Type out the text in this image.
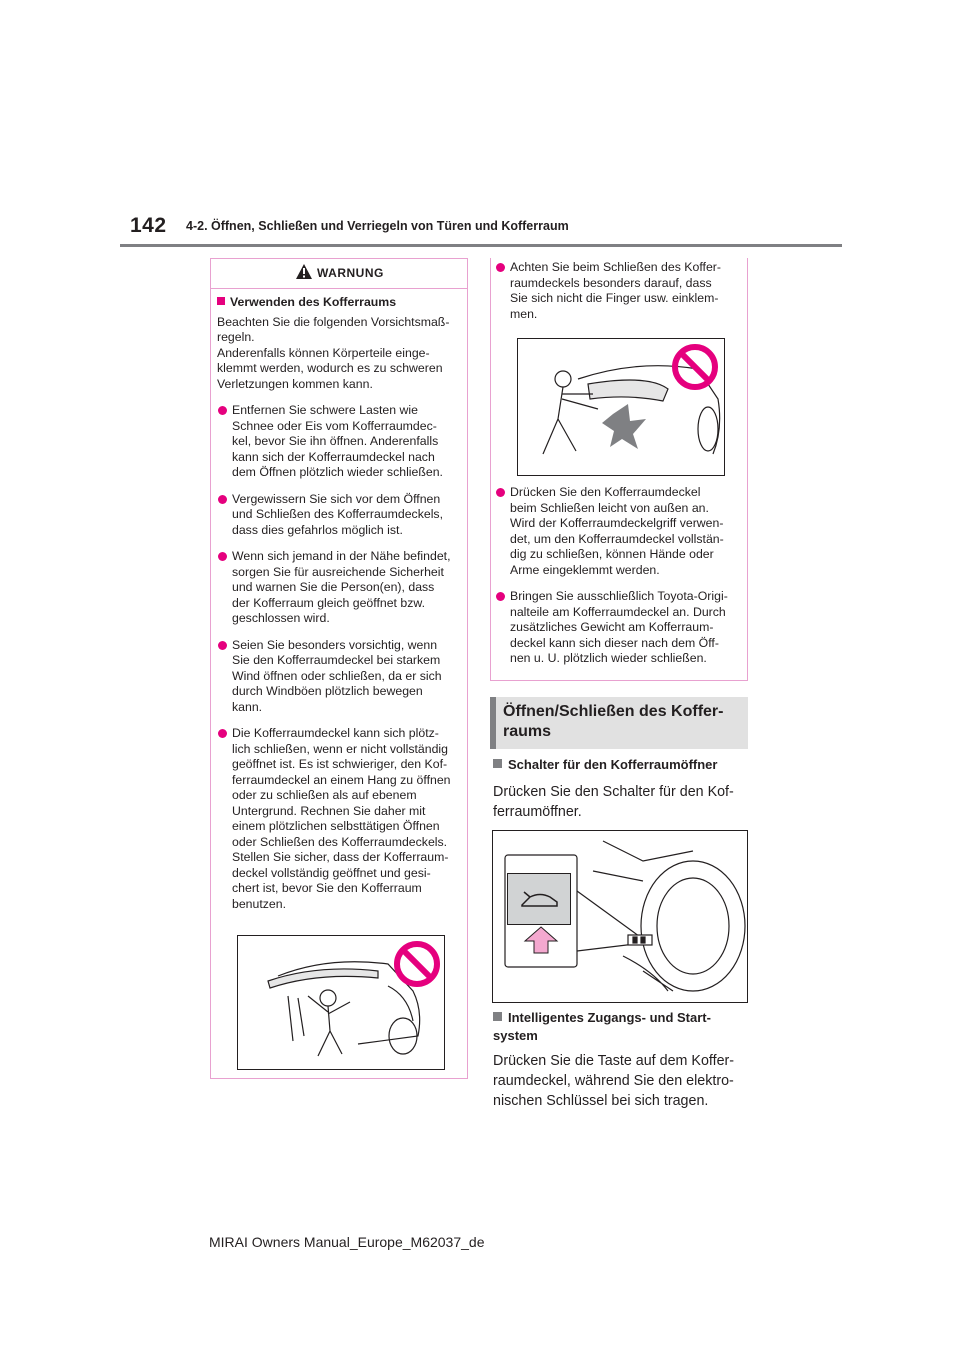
142 4-2. Öffnen, Schließen und Verriegeln von Türen und Kofferraum
WARNUNG
Verwenden des Kofferraums
Beachten Sie die folgenden Vorsichtsmaß-
regeln.
Anderenfalls können Körperteile einge-
klemmt werden, wodurch es zu schweren
Verletzungen kommen kann.
Entfernen Sie schwere Lasten wie
Schnee oder Eis vom Kofferraumdec-
kel, bevor Sie ihn öffnen. Anderenfalls
kann sich der Kofferraumdeckel nach
dem Öffnen plötzlich wieder schließen.
Vergewissern Sie sich vor dem Öffnen
und Schließen des Kofferraumdeckels,
dass dies gefahrlos möglich ist.
Wenn sich jemand in der Nähe befindet,
sorgen Sie für ausreichende Sicherheit
und warnen Sie die Person(en), dass
der Kofferraum gleich geöffnet bzw.
geschlossen wird.
Seien Sie besonders vorsichtig, wenn
Sie den Kofferraumdeckel bei starkem
Wind öffnen oder schließen, da er sich
durch Windböen plötzlich bewegen
kann.
Die Kofferraumdeckel kann sich plötz-
lich schließen, wenn er nicht vollständig
geöffnet ist. Es ist schwieriger, den Kof-
ferraumdeckel an einem Hang zu öffnen
oder zu schließen als auf ebenem
Untergrund. Rechnen Sie daher mit
einem plötzlichen selbsttätigen Öffnen
oder Schließen des Kofferraumdeckels.
Stellen Sie sicher, dass der Kofferraum-
deckel vollständig geöffnet und gesi-
chert ist, bevor Sie den Kofferraum
benutzen.
Achten Sie beim Schließen des Koffer-
raumdeckels besonders darauf, dass
Sie sich nicht die Finger usw. einklem-
men.
Drücken Sie den Kofferraumdeckel
beim Schließen leicht von außen an.
Wird der Kofferraumdeckelgriff verwen-
det, um den Kofferraumdeckel vollstän-
dig zu schließen, können Hände oder
Arme eingeklemmt werden.
Bringen Sie ausschließlich Toyota-Origi-
nalteile am Kofferraumdeckel an. Durch
zusätzliches Gewicht am Kofferraum-
deckel kann sich dieser nach dem Öff-
nen u. U. plötzlich wieder schließen.
Öffnen/Schließen des Koffer-
raums
Schalter für den Kofferraumöffner
Drücken Sie den Schalter für den Kof-
ferraumöffner.
Intelligentes Zugangs- und Start-
system
Drücken Sie die Taste auf dem Koffer-
raumdeckel, während Sie den elektro-
nischen Schlüssel bei sich tragen.
MIRAI Owners Manual_Europe_M62037_de
